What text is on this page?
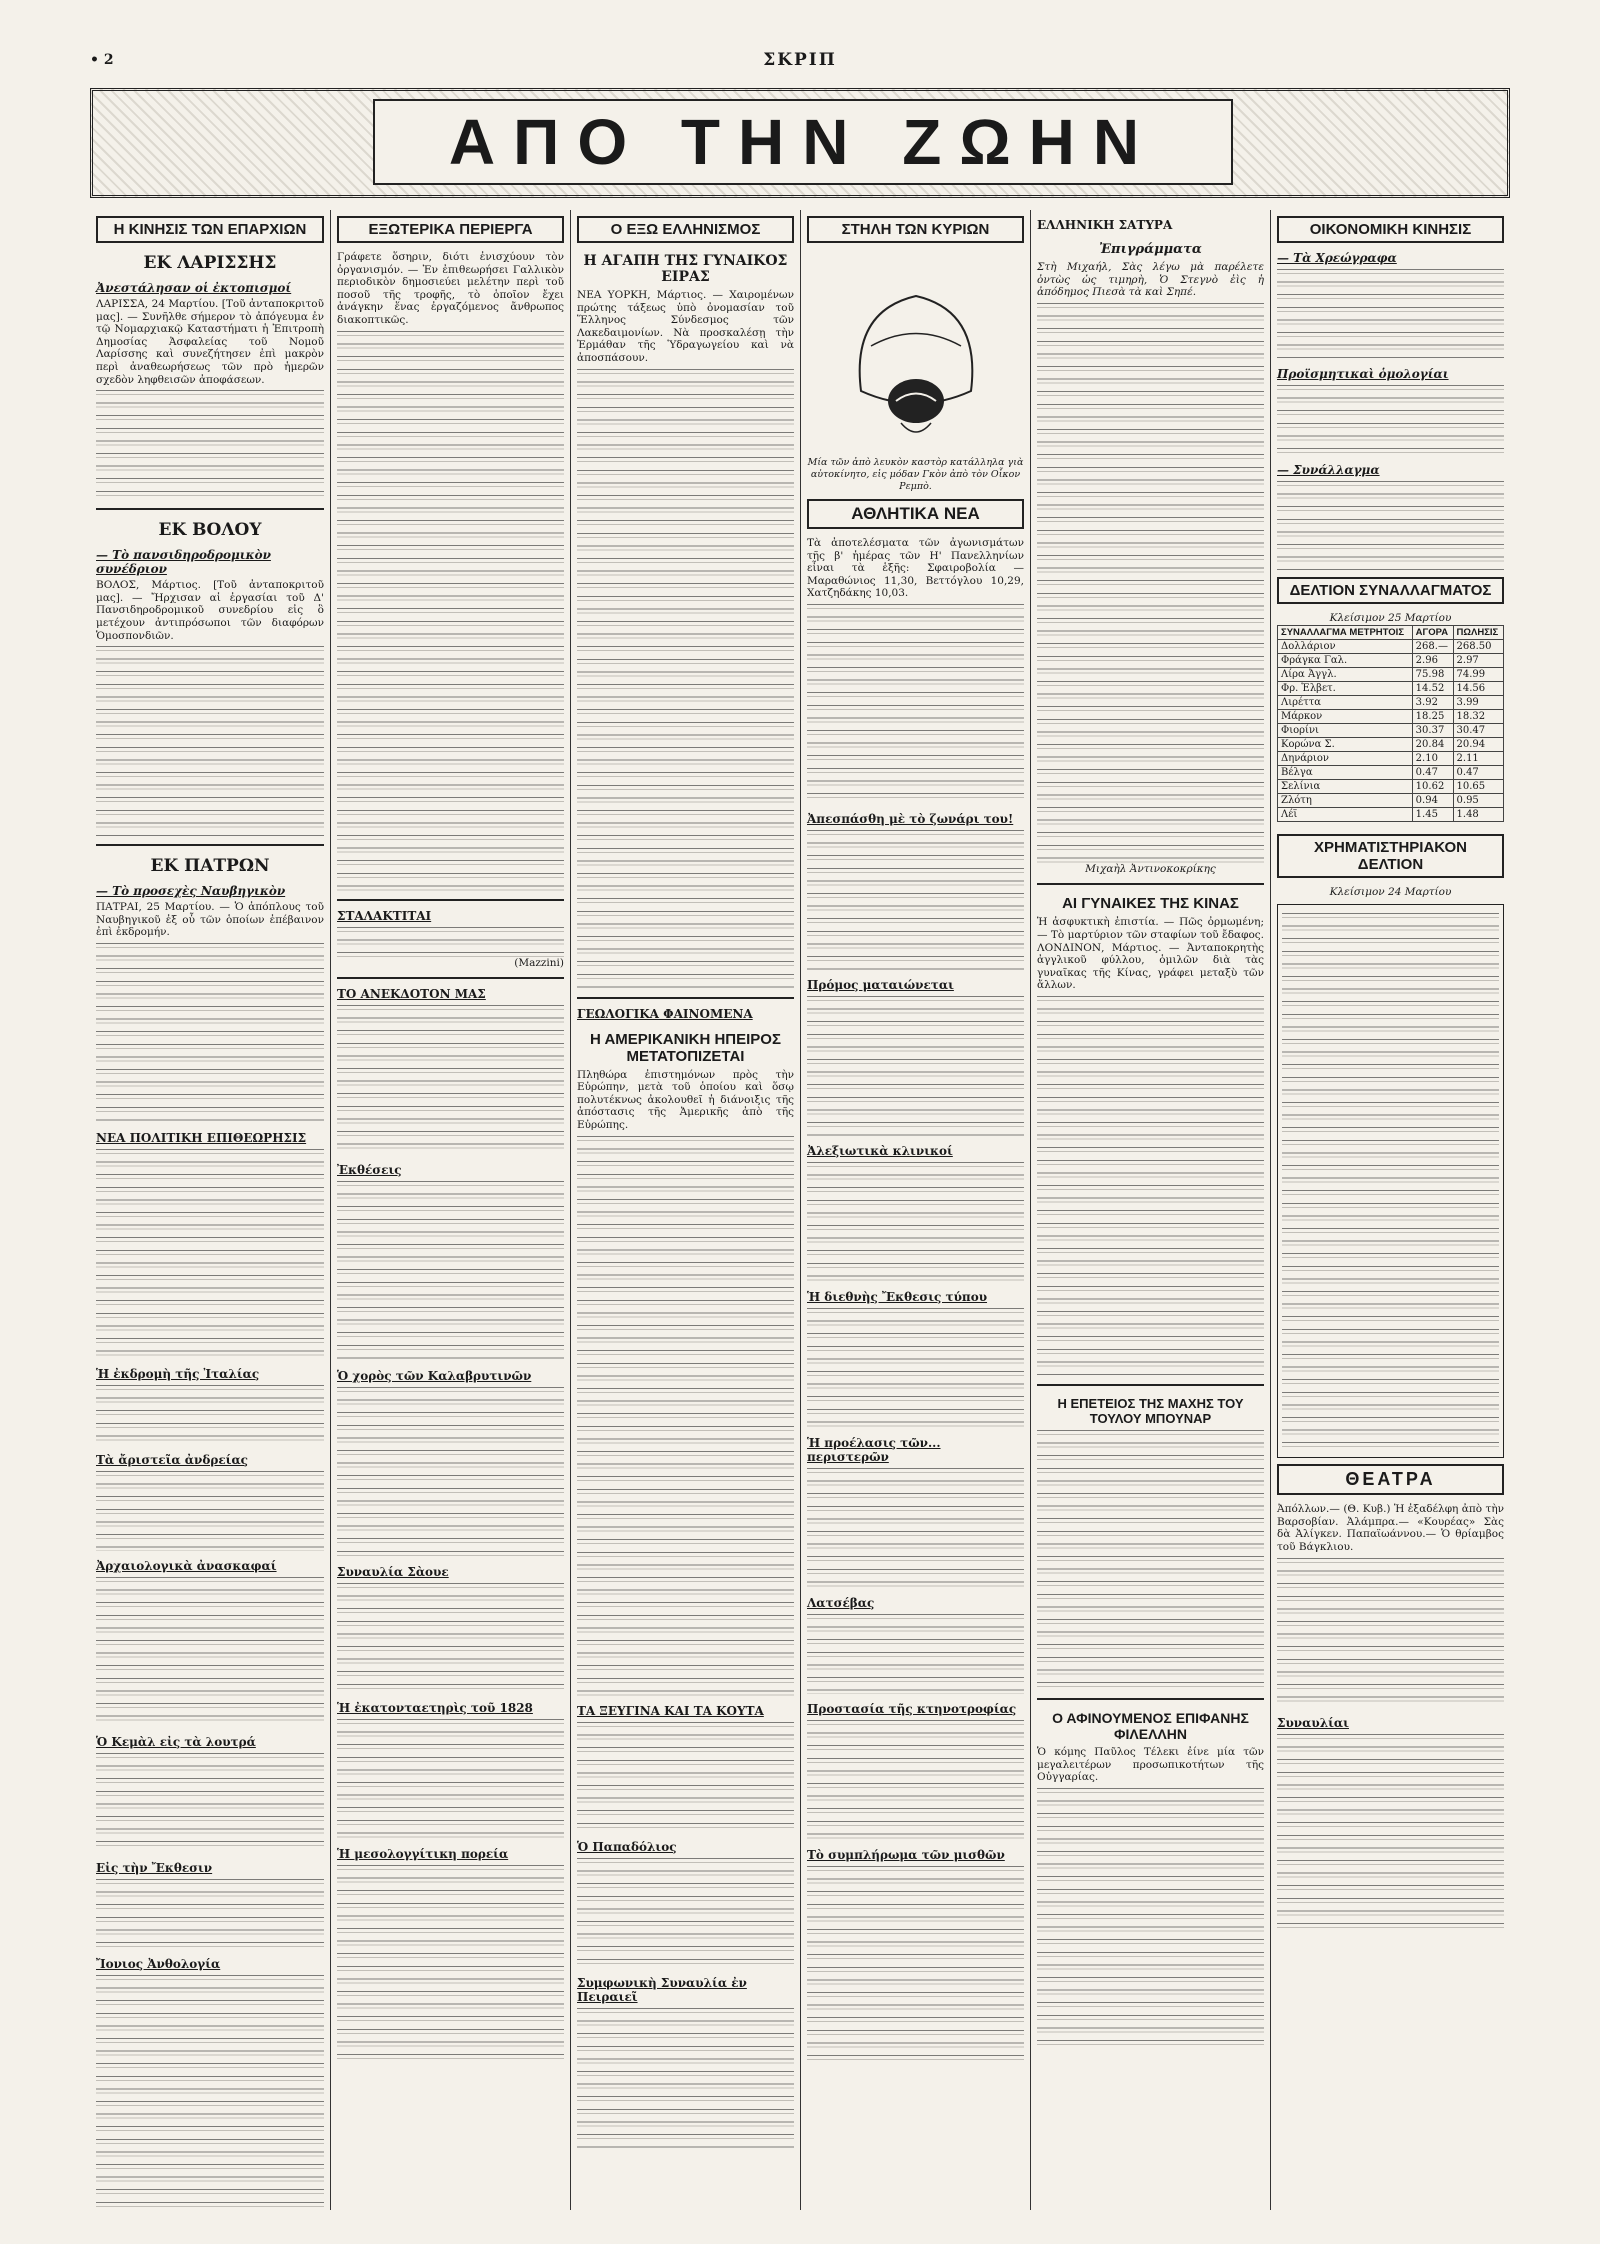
• 2	ΣΚΡΙΠ
ΑΠΟ ΤΗΝ ΖΩΗΝ
Η ΚΙΝΗΣΙΣ ΤΩΝ ΕΠΑΡΧΙΩΝ
ΕΚ ΛΑΡΙΣΣΗΣ
Ἀνεστάλησαν οἱ ἐκτοπισμοί
ΛΑΡΙΣΣΑ, 24 Μαρτίου. [Τοῦ ἀνταποκριτοῦ μας]. — Συνῆλθε σήμερον τὸ ἀπόγευμα ἐν τῷ Νομαρχιακῷ Καταστήματι ἡ Ἐπιτροπὴ Δημοσίας Ἀσφαλείας τοῦ Νομοῦ Λαρίσσης καὶ συνεζήτησεν ἐπὶ μακρὸν περὶ ἀναθεωρήσεως τῶν πρὸ ἡμερῶν σχεδὸν ληφθεισῶν ἀποφάσεων.
ΕΚ ΒΟΛΟΥ
— Τὸ πανσιδηροδρομικὸν συνέδριον
ΒΟΛΟΣ, Μάρτιος. [Τοῦ ἀνταποκριτοῦ μας]. — Ἤρχισαν αἱ ἐργασίαι τοῦ Δ' Πανσιδηροδρομικοῦ συνεδρίου εἰς ὃ μετέχουν ἀντιπρόσωποι τῶν διαφόρων Ὁμοσπονδιῶν.
ΕΚ ΠΑΤΡΩΝ
— Τὸ προσεχὲς Ναυβηγικὸν
ΠΑΤΡΑΙ, 25 Μαρτίου. — Ὁ ἀπόπλους τοῦ Ναυβηγικοῦ ἐξ οὗ τῶν ὁποίων ἐπέβαινον ἐπὶ ἐκδρομήν.
ΝΕΑ ΠΟΛΙΤΙΚΗ ΕΠΙΘΕΩΡΗΣΙΣ
Ἡ ἐκδρομὴ τῆς Ἰταλίας
Τὰ ἄριστεῖα ἀνδρείας
Ἀρχαιολογικὰ ἀνασκαφαί
Ὁ Κεμὰλ εἰς τὰ λουτρά
Εἰς τὴν Ἔκθεσιν
Ἴονιος Ἀνθολογία
ΕΞΩΤΕΡΙΚΑ ΠΕΡΙΕΡΓΑ
Γράφετε ὅσηριν, διότι ἐνισχύουν τὸν ὀργανισμόν. — Ἐν ἐπιθεωρήσει Γαλλικὸν περιοδικὸν δημοσιεύει μελέτην περὶ τοῦ ποσοῦ τῆς τροφῆς, τὸ ὁποῖον ἔχει ἀνάγκην ἕνας ἐργαζόμενος ἄνθρωπος διακοπτικῶς.
ΣΤΑΛΑΚΤΙΤΑΙ
(Mazzini)
ΤΟ ΑΝΕΚΔΟΤΟΝ ΜΑΣ
Ἐκθέσεις
Ὁ χορὸς τῶν Καλαβρυτινῶν
Συναυλία Σὰουε
Ἡ ἐκατονταετηρὶς τοῦ 1828
Ἡ μεσολογγίτικη πορεία
Ο ΕΞΩ ΕΛΛΗΝΙΣΜΟΣ
Η ΑΓΑΠΗ ΤΗΣ ΓΥΝΑΙΚΟΣ ΕΙΡΑΣ
ΝΕΑ ΥΟΡΚΗ, Μάρτιος. — Χαιρομένων πρώτης τάξεως ὑπὸ ὀνομασίαν τοῦ Ἕλληνος Σύνδεσμος τῶν Λακεδαιμονίων. Νὰ προσκαλέσῃ τὴν Ἐρμάθαν τῆς Ὑδραγωγείου καὶ νὰ ἀποσπάσουν.
ΓΕΩΛΟΓΙΚΑ ΦΑΙΝΟΜΕΝΑ
Η ΑΜΕΡΙΚΑΝΙΚΗ ΗΠΕΙΡΟΣ ΜΕΤΑΤΟΠΙΖΕΤΑΙ
Πληθώρα ἐπιστημόνων πρὸς τὴν Εὐρώπην, μετὰ τοῦ ὁποίου καὶ ὅσῳ πολυτέκνως ἀκολουθεῖ ἡ διάνοιξις τῆς ἀπόστασις τῆς Ἀμερικῆς ἀπὸ τῆς Εὐρώπης.
ΤΑ ΞΕΥΓΙΝΑ ΚΑΙ ΤΑ ΚΟΥΤΑ
Ὁ Παπαδόλιος
Συμφωνικὴ Συναυλία ἐν Πειραιεῖ
ΣΤΗΛΗ ΤΩΝ ΚΥΡΙΩΝ
Μία τῶν ἀπὸ λευκὸν καστὸρ κατάλληλα γιὰ αὐτοκίνητο, εἰς μόδαν Γκὸν ἀπὸ τὸν Οἶκον Ρεμπὸ.
ΑΘΛΗΤΙΚΑ ΝΕΑ
Τὰ ἀποτελέσματα τῶν ἀγωνισμάτων τῆς β' ἡμέρας τῶν Η' Πανελληνίων εἶναι τὰ ἑξῆς: Σφαιροβολία — Μαραθώνιος 11,30, Βεττόγλου 10,29, Χατζηδάκης 10,03.
Ἀπεσπάσθη μὲ τὸ ζωνάρι του!
Πρόμος ματαιώνεται
Ἀλεξιωτικὰ κλινικοί
Ἡ διεθνὴς Ἔκθεσις τύπου
Ἡ προέλασις τῶν... περιστερῶν
Λατσέβας
Προστασία τῆς κτηνοτροφίας
Τὸ συμπλήρωμα τῶν μισθῶν
ΕΛΛΗΝΙΚΗ ΣΑΤΥΡΑ
Ἐπιγράμματα
Στὴ Μιχαήλ, Σὰς λέγω μὰ παρέλετε ὀντὼς ὡς τιμηρὴ, Ὁ Στεγνὸ ἐὶς ἡ ἀπόδημος Πιεσὰ τὰ καὶ Σηπέ.
Μιχαὴλ Ἀντινοκοκρίκης
ΑΙ ΓΥΝΑΙΚΕΣ ΤΗΣ ΚΙΝΑΣ
Ἡ ἀσφυκτικὴ ἐπιστία. — Πῶς ὀρμωμένη; — Τὸ μαρτύριον τῶν σταφίων τοῦ ἔδαφος. ΛΟΝΔΙΝΟΝ, Μάρτιος. — Ἀνταποκρητὴς ἀγγλικοῦ φύλλου, ὁμιλῶν διὰ τὰς γυναῖκας τῆς Κίνας, γράφει μεταξὺ τῶν ἄλλων.
Η ΕΠΕΤΕΙΟΣ ΤΗΣ ΜΑΧΗΣ ΤΟΥ ΤΟΥΛΟΥ ΜΠΟΥΝΑΡ
Ο ΑΦΙΝΟΥΜΕΝΟΣ ΕΠΙΦΑΝΗΣ ΦΙΛΕΛΛΗΝ
Ὁ κόμης Παῦλος Τέλεκι ἐίνε μία τῶν μεγαλειτέρων προσωπικοτήτων τῆς Οὐγγαρίας.
ΟΙΚΟΝΟΜΙΚΗ ΚΙΝΗΣΙΣ
— Τὰ Χρεώγραφα
Προϊσμητικαὶ ὁμολογίαι
— Συνάλλαγμα
ΔΕΛΤΙΟΝ ΣΥΝΑΛΛΑΓΜΑΤΟΣ
Κλείσιμον 25 Μαρτίου
ΣΥΝΑΛΛΑΓΜΑ ΜΕΤΡΗΤΟΙΣ	ΑΓΟΡΑ	ΠΩΛΗΣΙΣ
Δολλάριον	268.—	268.50
Φράγκα Γαλ.	2.96	2.97
Λίρα Ἀγγλ.	75.98	74.99
Φρ. Ἑλβετ.	14.52	14.56
Λιρέττα	3.92	3.99
Μάρκον	18.25	18.32
Φιορίνι	30.37	30.47
Κορώνα Σ.	20.84	20.94
Δηνάριον	2.10	2.11
Βέλγα	0.47	0.47
Σελίνια	10.62	10.65
Ζλότη	0.94	0.95
Λέϊ	1.45	1.48
ΧΡΗΜΑΤΙΣΤΗΡΙΑΚΟΝ ΔΕΛΤΙΟΝ
Κλείσιμον 24 Μαρτίου
ΘΕΑΤΡΑ
Ἀπόλλων.— (Θ. Κυβ.) Ἡ ἐξαδέλφη ἀπὸ τὴν Βαρσοβίαν. Ἀλάμπρα.— «Κουρέας» Σὰς δὰ Ἀλίγκεν. Παπαϊωάννου.— Ὁ θρίαμβος τοῦ Βάγκλιου.
Συναυλίαι
